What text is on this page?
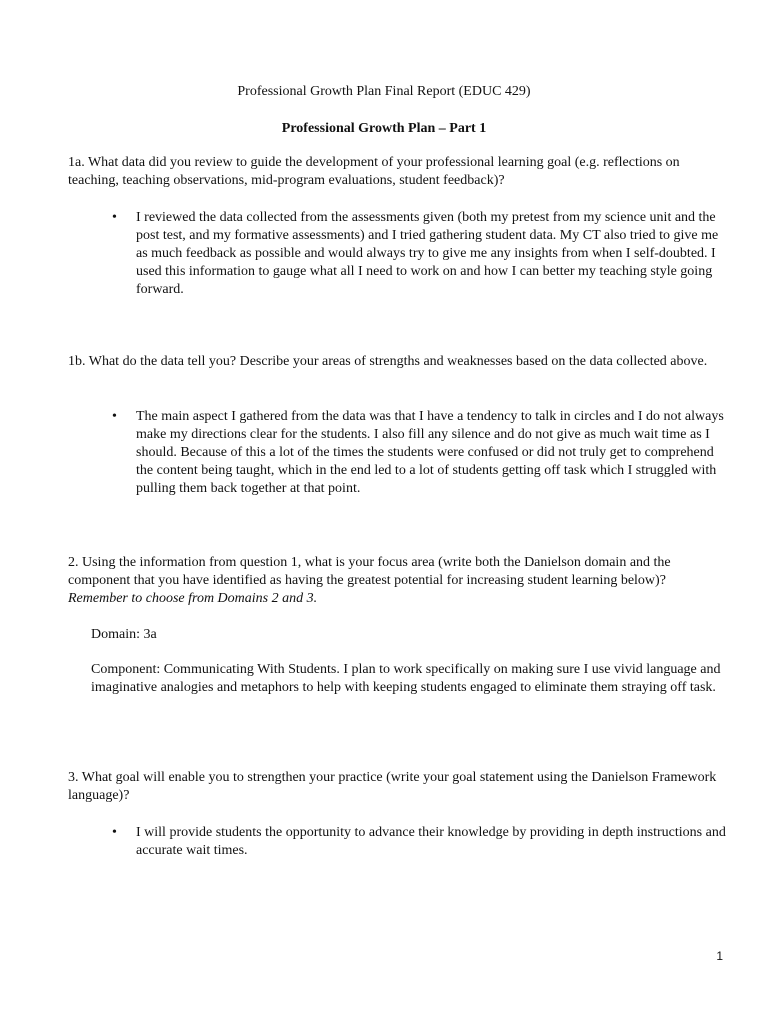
Professional Growth Plan Final Report (EDUC 429)
Professional Growth Plan – Part 1
1a. What data did you review to guide the development of your professional learning goal (e.g. reflections on teaching, teaching observations, mid-program evaluations, student feedback)?
•	I reviewed the data collected from the assessments given (both my pretest from my science unit and the post test, and my formative assessments) and I tried gathering student data. My CT also tried to give me as much feedback as possible and would always try to give me any insights from when I self-doubted. I used this information to gauge what all I need to work on and how I can better my teaching style going forward.
1b. What do the data tell you? Describe your areas of strengths and weaknesses based on the data collected above.
•	The main aspect I gathered from the data was that I have a tendency to talk in circles and I do not always make my directions clear for the students. I also fill any silence and do not give as much wait time as I should. Because of this a lot of the times the students were confused or did not truly get to comprehend the content being taught, which in the end led to a lot of students getting off task which I struggled with pulling them back together at that point.
2. Using the information from question 1, what is your focus area (write both the Danielson domain and the component that you have identified as having the greatest potential for increasing student learning below)?
Remember to choose from Domains 2 and 3.
Domain: 3a
Component: Communicating With Students. I plan to work specifically on making sure I use vivid language and imaginative analogies and metaphors to help with keeping students engaged to eliminate them straying off task.
3. What goal will enable you to strengthen your practice (write your goal statement using the Danielson Framework language)?
•	I will provide students the opportunity to advance their knowledge by providing in depth instructions and accurate wait times.
1
